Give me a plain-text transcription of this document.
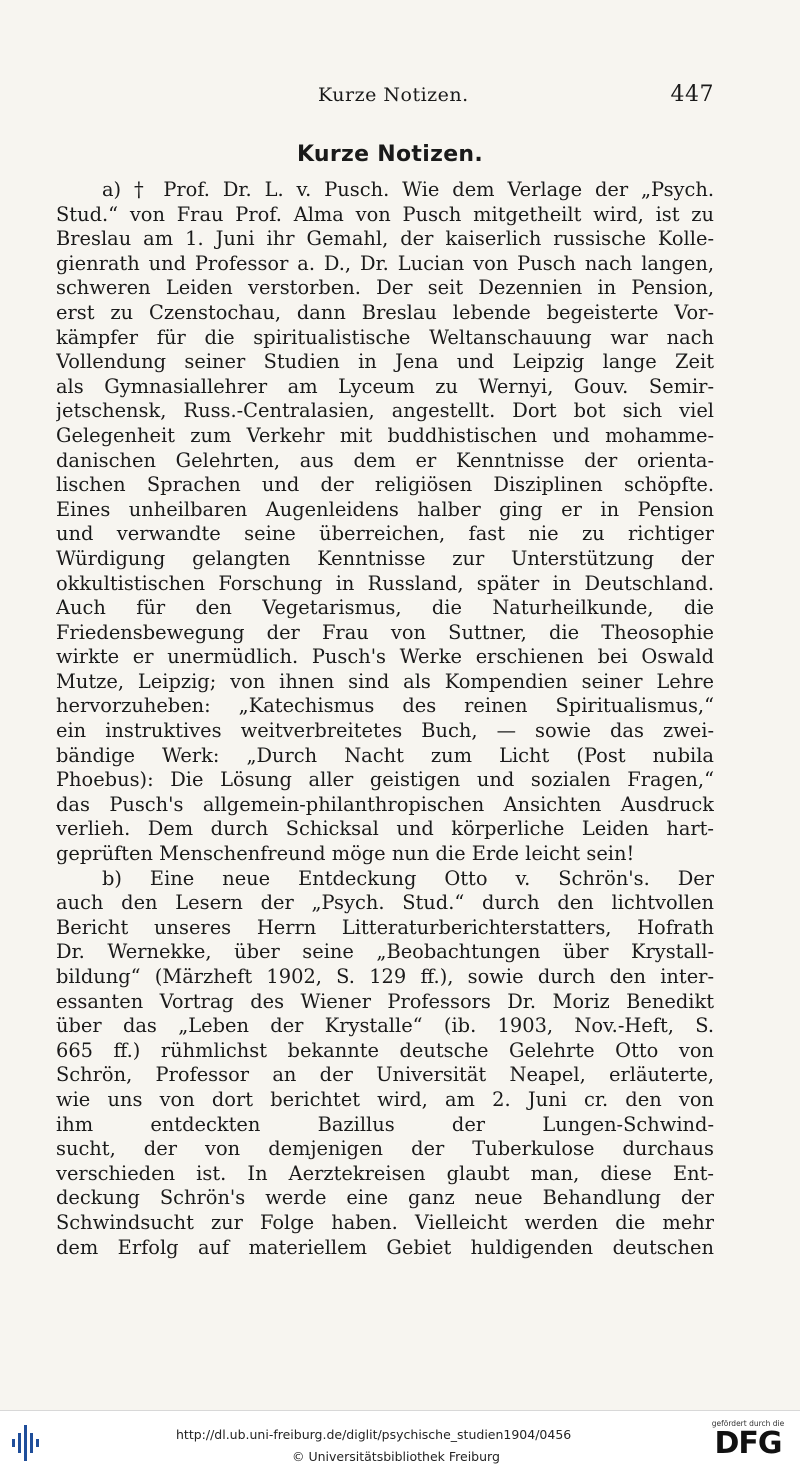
Kurze Notizen.	447
Kurze Notizen.
a) † Prof. Dr. L. v. Pusch. Wie dem Verlage der „Psych.
Stud.“ von Frau Prof. Alma von Pusch mitgetheilt wird, ist zu
Breslau am 1. Juni ihr Gemahl, der kaiserlich russische Kolle-
gienrath und Professor a. D., Dr. Lucian von Pusch nach langen,
schweren Leiden verstorben. Der seit Dezennien in Pension,
erst zu Czenstochau, dann Breslau lebende begeisterte Vor-
kämpfer für die spiritualistische Weltanschauung war nach
Vollendung seiner Studien in Jena und Leipzig lange Zeit
als Gymnasiallehrer am Lyceum zu Wernyi, Gouv. Semir-
jetschensk, Russ.-Centralasien, angestellt. Dort bot sich viel
Gelegenheit zum Verkehr mit buddhistischen und mohamme-
danischen Gelehrten, aus dem er Kenntnisse der orienta-
lischen Sprachen und der religiösen Disziplinen schöpfte.
Eines unheilbaren Augenleidens halber ging er in Pension
und verwandte seine überreichen, fast nie zu richtiger
Würdigung gelangten Kenntnisse zur Unterstützung der
okkultistischen Forschung in Russland, später in Deutschland.
Auch für den Vegetarismus, die Naturheilkunde, die
Friedensbewegung der Frau von Suttner, die Theosophie
wirkte er unermüdlich. Pusch's Werke erschienen bei Oswald
Mutze, Leipzig; von ihnen sind als Kompendien seiner Lehre
hervorzuheben: „Katechismus des reinen Spiritualismus,“
ein instruktives weitverbreitetes Buch, — sowie das zwei-
bändige Werk: „Durch Nacht zum Licht (Post nubila
Phoebus): Die Lösung aller geistigen und sozialen Fragen,“
das Pusch's allgemein-philanthropischen Ansichten Ausdruck
verlieh. Dem durch Schicksal und körperliche Leiden hart-
geprüften Menschenfreund möge nun die Erde leicht sein!
b) Eine neue Entdeckung Otto v. Schrön's. Der
auch den Lesern der „Psych. Stud.“ durch den lichtvollen
Bericht unseres Herrn Litteraturberichterstatters, Hofrath
Dr. Wernekke, über seine „Beobachtungen über Krystall-
bildung“ (Märzheft 1902, S. 129 ff.), sowie durch den inter-
essanten Vortrag des Wiener Professors Dr. Moriz Benedikt
über das „Leben der Krystalle“ (ib. 1903, Nov.-Heft, S.
665 ff.) rühmlichst bekannte deutsche Gelehrte Otto von
Schrön, Professor an der Universität Neapel, erläuterte,
wie uns von dort berichtet wird, am 2. Juni cr. den von
ihm entdeckten Bazillus der Lungen-Schwind-
sucht, der von demjenigen der Tuberkulose durchaus
verschieden ist. In Aerztekreisen glaubt man, diese Ent-
deckung Schrön's werde eine ganz neue Behandlung der
Schwindsucht zur Folge haben. Vielleicht werden die mehr
dem Erfolg auf materiellem Gebiet huldigenden deutschen
http://dl.ub.uni-freiburg.de/diglit/psychische_studien1904/0456
© Universitätsbibliothek Freiburg
gefördert durch die
DFG
